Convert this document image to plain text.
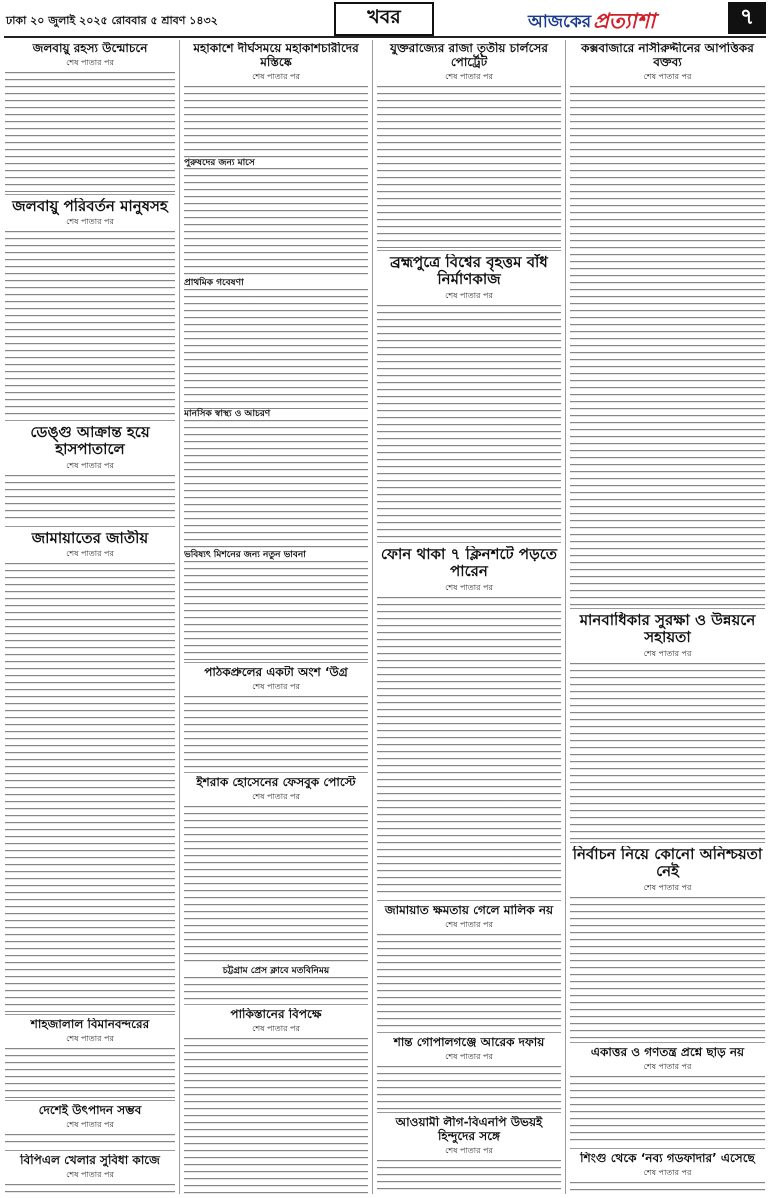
ঢাকা ২০ জুলাই ২০২৫ রোববার ৫ শ্রাবণ ১৪৩২	খবর	আজকের প্রত্যাশা	৭
জলবায়ু রহস্য উন্মোচনে
শেষ পাতার পর
জলবায়ু পরিবর্তন মানুষসহ
শেষ পাতার পর
ডেঙ্গু আক্রান্ত হয়ে হাসপাতালে
শেষ পাতার পর
জামায়াতের জাতীয়
শেষ পাতার পর
শাহজালাল বিমানবন্দরের
শেষ পাতার পর
দেশেই উৎপাদন সম্ভব
শেষ পাতার পর
বিপিএল খেলার সুবিধা কাজে
শেষ পাতার পর
মহাকাশে দীর্ঘসময়ে মহাকাশচারীদের মস্তিষ্কে
শেষ পাতার পর
পুরুষদের জন্য মাসে
প্রাথমিক গবেষণা
মানসিক স্বাস্থ্য ও আচরণ
ভবিষ্যৎ মিশনের জন্য নতুন ভাবনা
পাঠকপ্রুলের একটা অংশ ‘উগ্র
শেষ পাতার পর
ইশরাক হোসেনের ফেসবুক পোস্টে
শেষ পাতার পর
চট্টগ্রাম প্রেস ক্লাবে মতবিনিময়
পাকিস্তানের বিপক্ষে
শেষ পাতার পর
যুক্তরাজ্যের রাজা তৃতীয় চার্লসের পোর্ট্রেট
শেষ পাতার পর
ব্রহ্মপুত্রে বিশ্বের বৃহত্তম বাঁধ নির্মাণকাজ
শেষ পাতার পর
ফোন থাকা ৭ ক্লিনশটে পড়তে পারেন
শেষ পাতার পর
জামায়াত ক্ষমতায় গেলে মালিক নয়
শেষ পাতার পর
শান্ত গোপালগঞ্জে আরেক দফায়
শেষ পাতার পর
আওয়ামী লীগ-বিএনপি উভয়ই হিন্দুদের সঙ্গে
শেষ পাতার পর
কক্সবাজারে নাসীরুদ্দীনের আপত্তিকর বক্তব্য
শেষ পাতার পর
মানবাধিকার সুরক্ষা ও উন্নয়নে সহায়তা
শেষ পাতার পর
নির্বাচন নিয়ে কোনো অনিশ্চয়তা নেই
শেষ পাতার পর
একাত্তর ও গণতন্ত্র প্রশ্নে ছাড় নয়
শেষ পাতার পর
শিংগু থেকে ‘নব্য গডফাদার’ এসেছে
শেষ পাতার পর
